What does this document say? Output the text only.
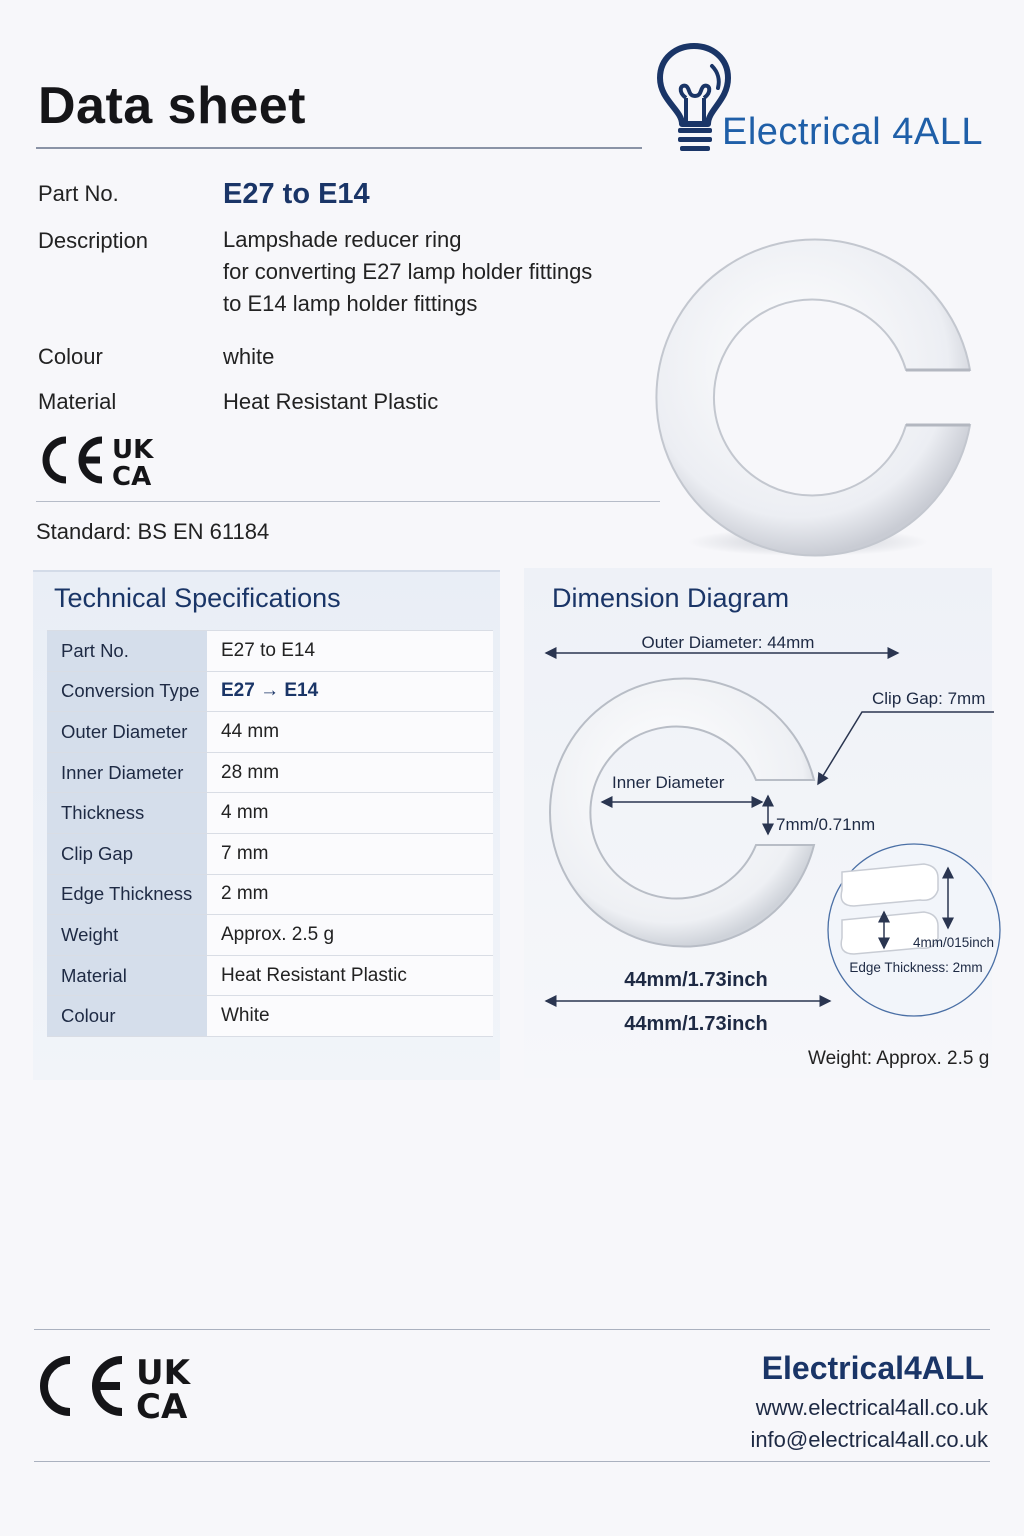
Data sheet	Electrical 4ALL
Part No.	E27 to E14
Description	Lampshade reducer ring
for converting E27 lamp holder fittings
to E14 lamp holder fittings
Colour	white
Material	Heat Resistant Plastic
UK
CA
Standard: BS EN 61184
Technical Specifications
Part No.	E27 to E14
Conversion Type	E27 → E14
Outer Diameter	44 mm
Inner Diameter	28 mm
Thickness	4 mm
Clip Gap	7 mm
Edge Thickness	2 mm
Weight	Approx. 2.5 g
Material	Heat Resistant Plastic
Colour	White
Dimension Diagram
Outer Diameter: 44mm
Clip Gap: 7mm
Inner Diameter
7mm/0.71nm
4mm/015inch
Edge Thickness: 2mm
44mm/1.73inch
44mm/1.73inch
Weight: Approx. 2.5 g
UK
CA
Electrical4ALL
www.electrical4all.co.uk
info@electrical4all.co.uk
